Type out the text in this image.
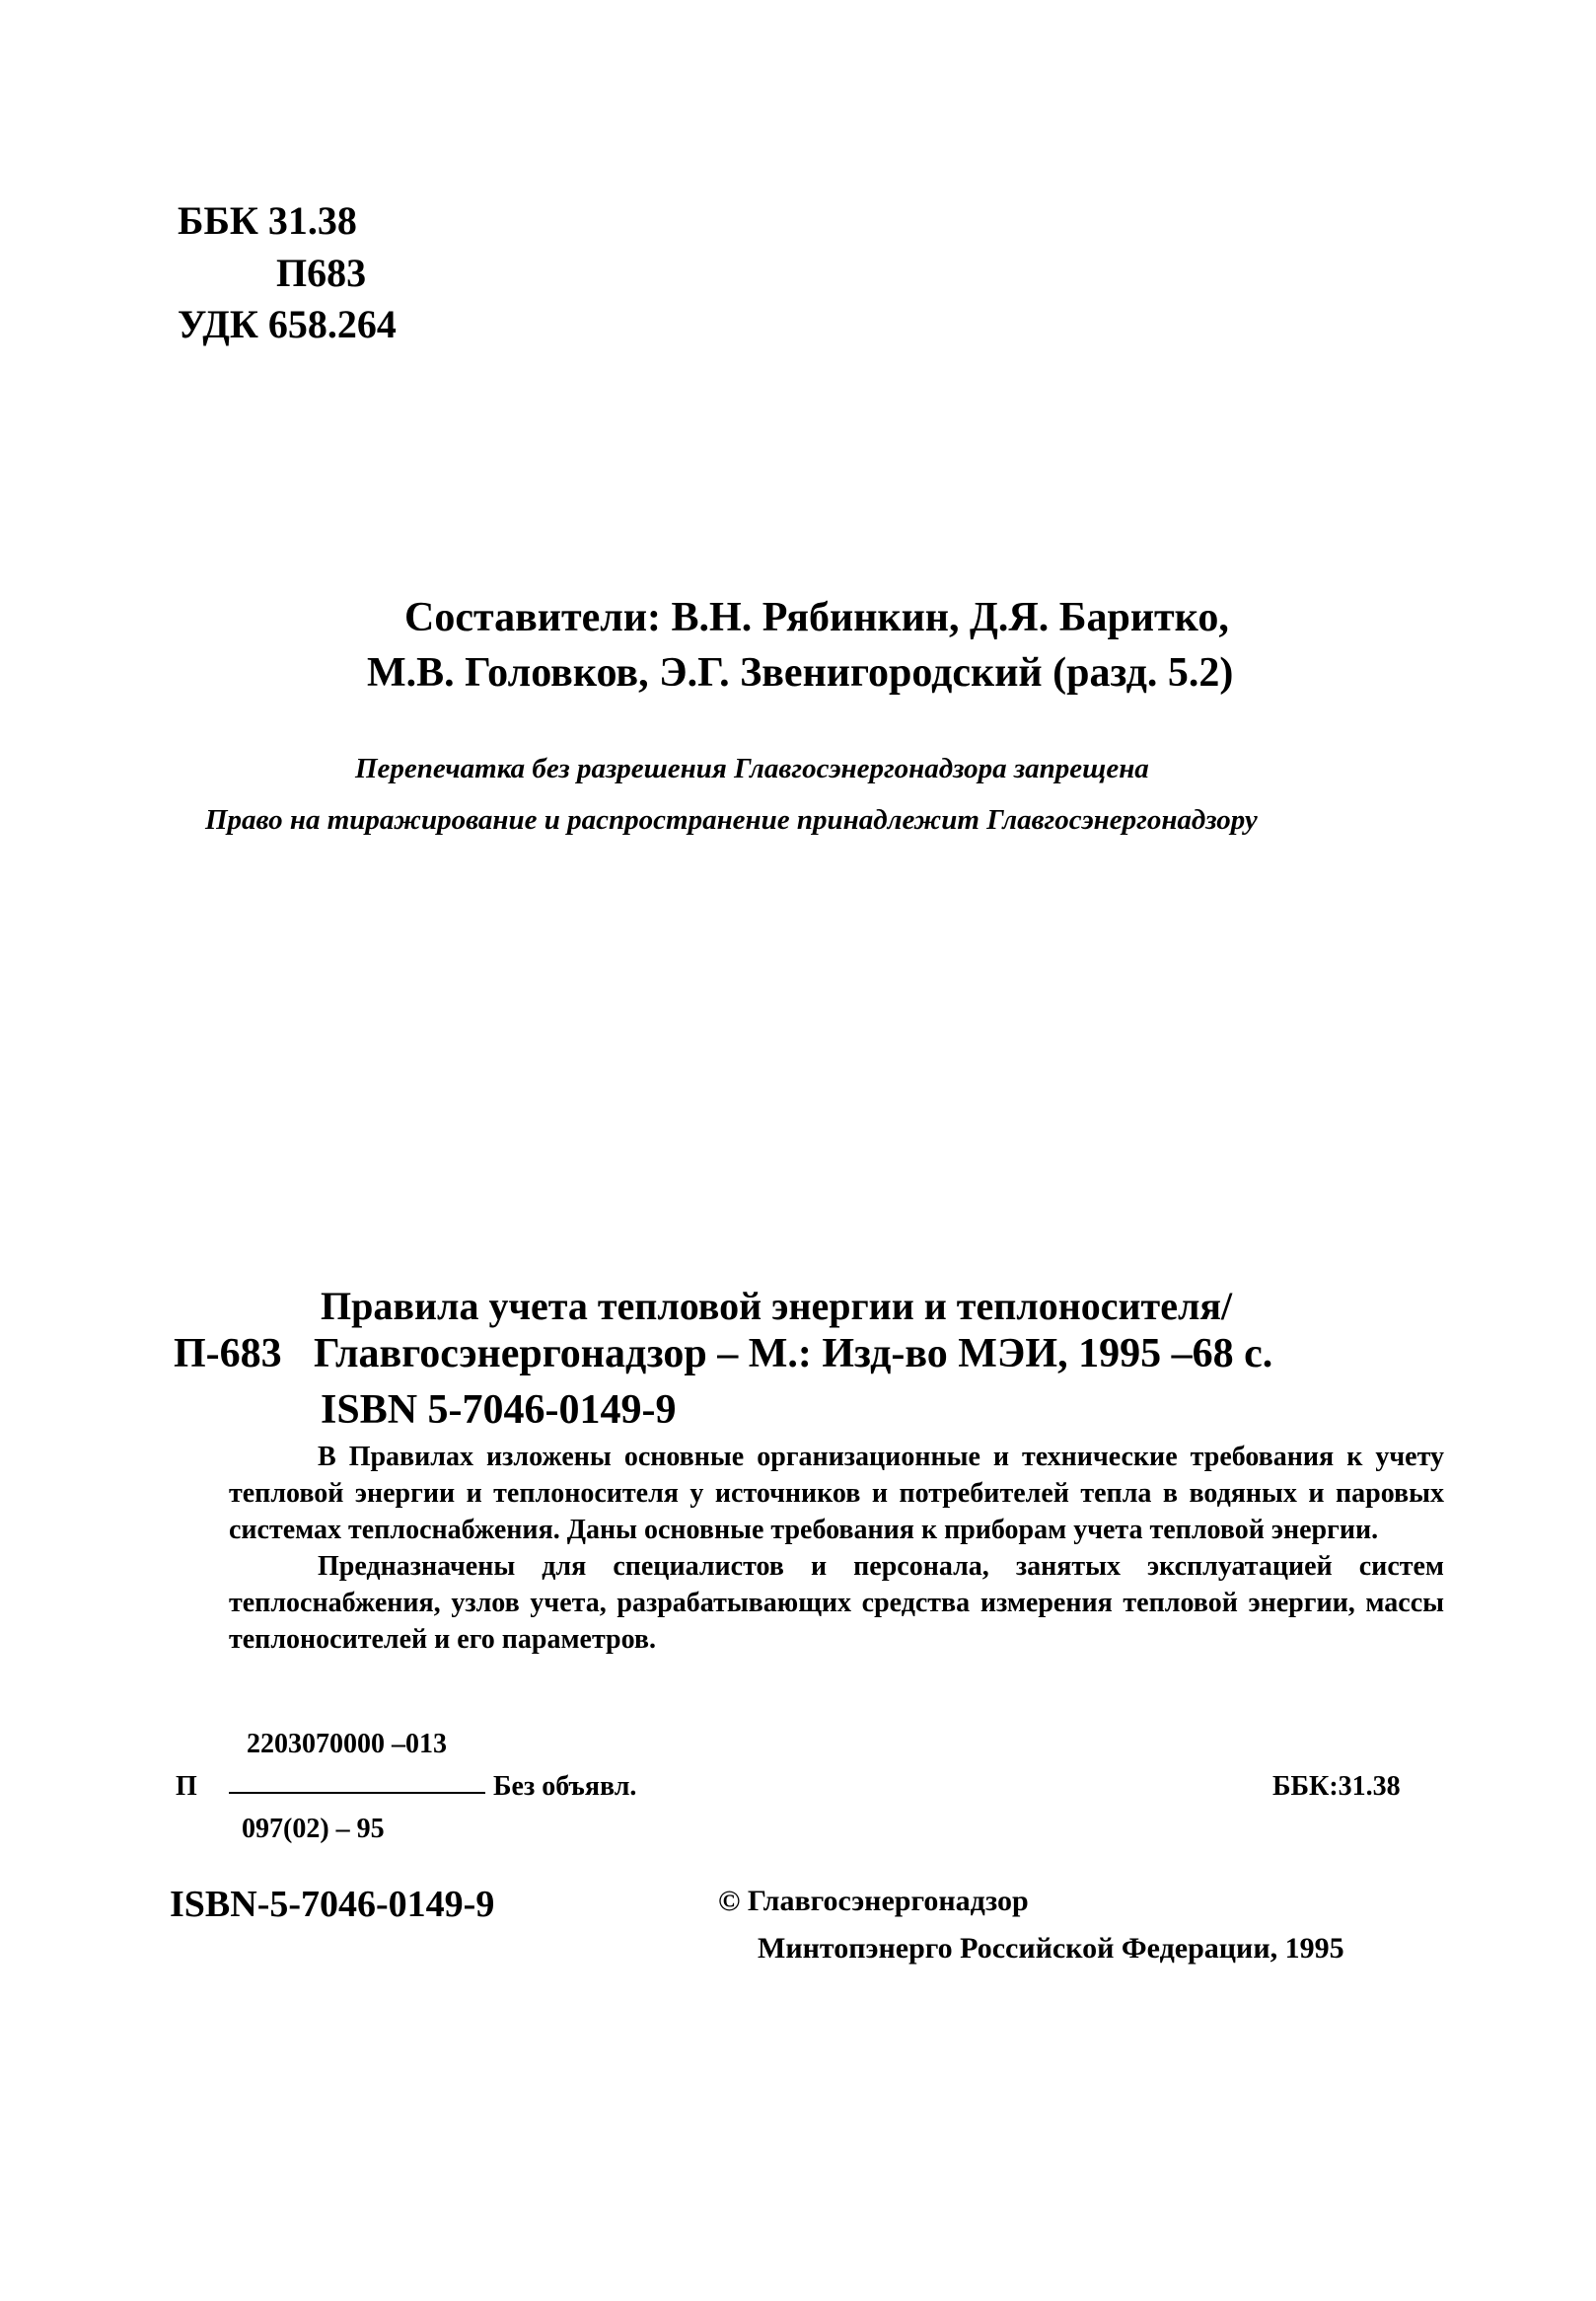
ББК 31.38
П683
УДК 658.264
Составители: В.Н. Рябинкин, Д.Я. Баритко,
М.В. Головков, Э.Г. Звенигородский (разд. 5.2)
Перепечатка без разрешения Главгосэнергонадзора запрещена
Право на тиражирование и распространение принадлежит Главгосэнергонадзору
Правила учета тепловой энергии и теплоносителя/
П-683 Главгосэнергонадзор – М.: Изд-во МЭИ, 1995 –68 с.
ISBN 5-7046-0149-9

В Правилах изложены основные организационные и технические требования к учету тепловой энергии и теплоносителя у источников и потребителей тепла в водяных и паровых системах теплоснабжения. Даны основные требования к приборам учета тепловой энергии.

Предназначены для специалистов и персонала, занятых эксплуатацией систем теплоснабжения, узлов учета, разрабатывающих средства измерения тепловой энергии, массы теплоносителей и его параметров.

2203070000 –013
П	Без объявл.	ББК:31.38
097(02) – 95
ISBN-5-7046-0149-9	© Главгосэнергонадзор
Минтопэнерго Российской Федерации, 1995
